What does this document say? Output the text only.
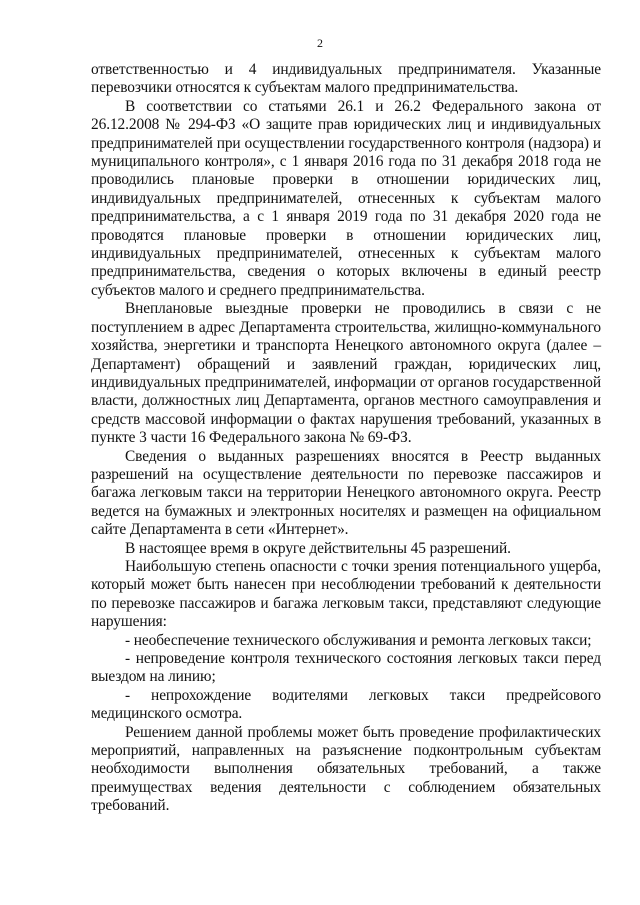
2

ответственностью и 4 индивидуальных предпринимателя. Указанные перевозчики относятся к субъектам малого предпринимательства.

В соответствии со статьями 26.1 и 26.2 Федерального закона от 26.12.2008 № 294-ФЗ «О защите прав юридических лиц и индивидуальных предпринимателей при осуществлении государственного контроля (надзора) и муниципального контроля», с 1 января 2016 года по 31 декабря 2018 года не проводились плановые проверки в отношении юридических лиц, индивидуальных предпринимателей, отнесенных к субъектам малого предпринимательства, а с 1 января 2019 года по 31 декабря 2020 года не проводятся плановые проверки в отношении юридических лиц, индивидуальных предпринимателей, отнесенных к субъектам малого предпринимательства, сведения о которых включены в единый реестр субъектов малого и среднего предпринимательства.

Внеплановые выездные проверки не проводились в связи с не поступлением в адрес Департамента строительства, жилищно-коммунального хозяйства, энергетики и транспорта Ненецкого автономного округа (далее – Департамент) обращений и заявлений граждан, юридических лиц, индивидуальных предпринимателей, информации от органов государственной власти, должностных лиц Департамента, органов местного самоуправления и средств массовой информации о фактах нарушения требований, указанных в пункте 3 части 16 Федерального закона № 69-ФЗ.

Сведения о выданных разрешениях вносятся в Реестр выданных разрешений на осуществление деятельности по перевозке пассажиров и багажа легковым такси на территории Ненецкого автономного округа. Реестр ведется на бумажных и электронных носителях и размещен на официальном сайте Департамента в сети «Интернет».

В настоящее время в округе действительны 45 разрешений.

Наибольшую степень опасности с точки зрения потенциального ущерба, который может быть нанесен при несоблюдении требований к деятельности по перевозке пассажиров и багажа легковым такси, представляют следующие нарушения:

- необеспечение технического обслуживания и ремонта легковых такси;

- непроведение контроля технического состояния легковых такси перед выездом на линию;

- непрохождение водителями легковых такси предрейсового медицинского осмотра.

Решением данной проблемы может быть проведение профилактических мероприятий, направленных на разъяснение подконтрольным субъектам необходимости выполнения обязательных требований, а также преимуществах ведения деятельности с соблюдением обязательных требований.
